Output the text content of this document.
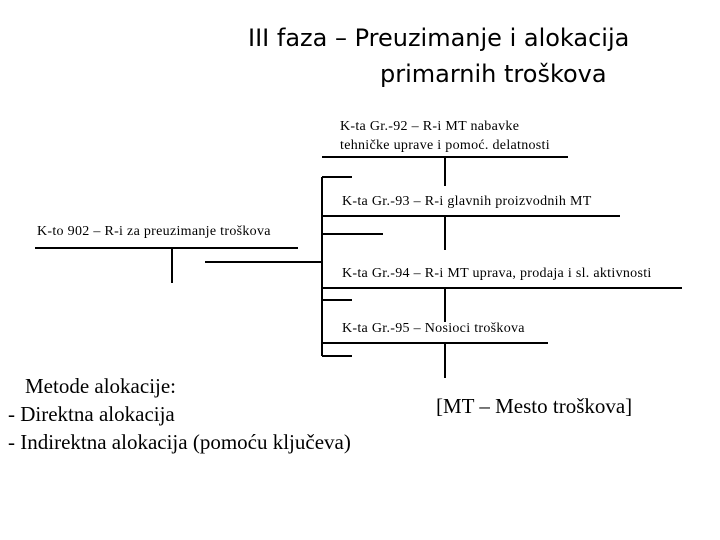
III faza – Preuzimanje i alokacija
primarnih troškova
K-ta Gr.-92 – R-i MT nabavke
tehničke uprave i pomoć. delatnosti
K-ta Gr.-93 – R-i glavnih proizvodnih MT
K-to 902 – R-i za preuzimanje troškova
K-ta Gr.-94 – R-i MT uprava, prodaja i sl. aktivnosti
K-ta Gr.-95 – Nosioci troškova
Metode alokacije:
- Direktna alokacija
- Indirektna alokacija (pomoću ključeva)
[MT – Mesto troškova]
